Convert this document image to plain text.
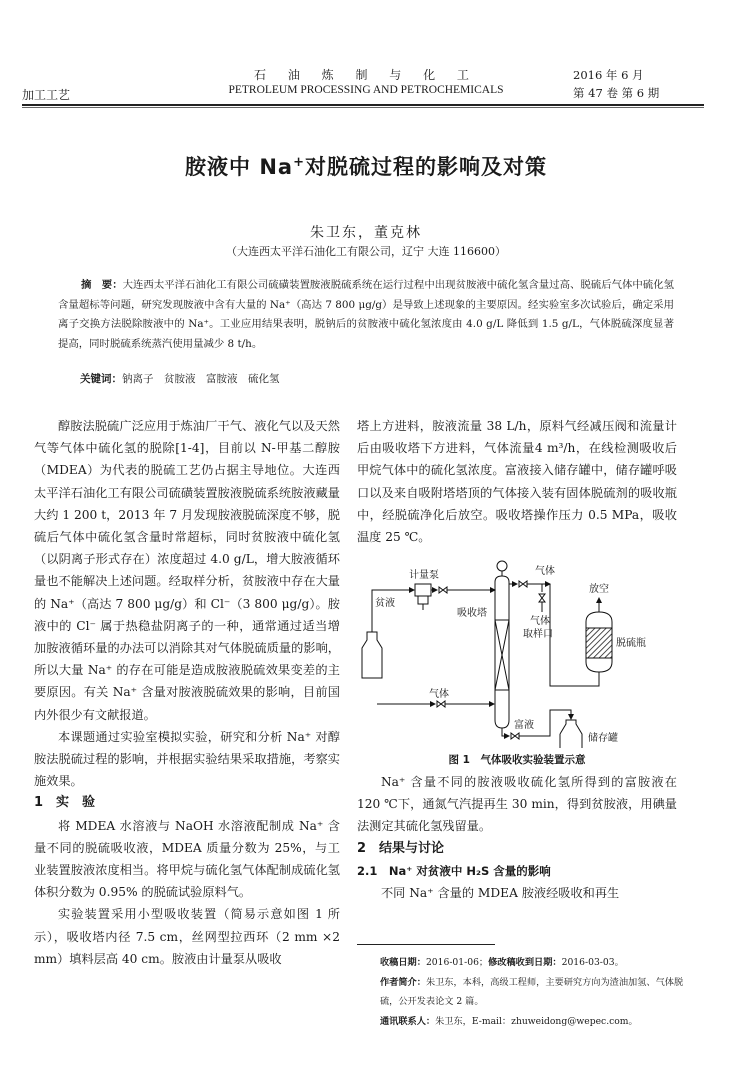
石 油 炼 制 与 化 工
PETROLEUM PROCESSING AND PETROCHEMICALS
加工工艺
2016 年 6 月
第 47 卷 第 6 期
胺液中 Na+对脱硫过程的影响及对策
朱卫东，董克林
（大连西太平洋石油化工有限公司，辽宁 大连 116600）
摘　要：大连西太平洋石油化工有限公司硫磺装置胺液脱硫系统在运行过程中出现贫胺液中硫化氢含量过高、脱硫后气体中硫化氢含量超标等问题，研究发现胺液中含有大量的 Na⁺（高达 7 800 μg/g）是导致上述现象的主要原因。经实验室多次试验后，确定采用离子交换方法脱除胺液中的 Na⁺。工业应用结果表明，脱钠后的贫胺液中硫化氢浓度由 4.0 g/L 降低到 1.5 g/L，气体脱硫深度显著提高，同时脱硫系统蒸汽使用量减少 8 t/h。
关键词：钠离子　贫胺液　富胺液　硫化氢

醇胺法脱硫广泛应用于炼油厂干气、液化气以及天然气等气体中硫化氢的脱除[1-4]，目前以 N-甲基二醇胺（MDEA）为代表的脱硫工艺仍占据主导地位。大连西太平洋石油化工有限公司硫磺装置胺液脱硫系统胺液藏量大约 1 200 t，2013 年 7 月发现胺液脱硫深度不够，脱硫后气体中硫化氢含量时常超标，同时贫胺液中硫化氢（以阴离子形式存在）浓度超过 4.0 g/L，增大胺液循环量也不能解决上述问题。经取样分析，贫胺液中存在大量的 Na⁺（高达 7 800 μg/g）和 Cl⁻（3 800 μg/g）。胺液中的 Cl⁻ 属于热稳盐阴离子的一种，通常通过适当增加胺液循环量的办法可以消除其对气体脱硫质量的影响，所以大量 Na⁺ 的存在可能是造成胺液脱硫效果变差的主要原因。有关 Na⁺ 含量对胺液脱硫效果的影响，目前国内外很少有文献报道。

本课题通过实验室模拟实验，研究和分析 Na⁺ 对醇胺法脱硫过程的影响，并根据实验结果采取措施，考察实施效果。

1　实　验

将 MDEA 水溶液与 NaOH 水溶液配制成 Na⁺ 含量不同的脱硫吸收液，MDEA 质量分数为 25%，与工业装置胺液浓度相当。将甲烷与硫化氢气体配制成硫化氢体积分数为 0.95% 的脱硫试验原料气。

实验装置采用小型吸收装置（简易示意如图 1 所示），吸收塔内径 7.5 cm，丝网型拉西环（2 mm ×2 mm）填料层高 40 cm。胺液由计量泵从吸收

塔上方进料，胺液流量 38 L/h，原料气经减压阀和流量计后由吸收塔下方进料，气体流量4 m³/h，在线检测吸收后甲烷气体中的硫化氢浓度。富液接入储存罐中，储存罐呼吸口以及来自吸附塔塔顶的气体接入装有固体脱硫剂的吸收瓶中，经脱硫净化后放空。吸收塔操作压力 0.5 MPa，吸收温度 25 ℃。

计量泵
贫液
吸收塔
气体
气体
取样口
放空
脱硫瓶
气体
富液
储存罐
图 1　气体吸收实验装置示意

Na⁺ 含量不同的胺液吸收硫化氢所得到的富胺液在 120 ℃下，通氮气汽提再生 30 min，得到贫胺液，用碘量法测定其硫化氢残留量。

2　结果与讨论

2.1　Na⁺ 对贫液中 H₂S 含量的影响

不同 Na⁺ 含量的 MDEA 胺液经吸收和再生

收稿日期：2016-01-06；修改稿收到日期：2016-03-03。
作者简介：朱卫东，本科，高级工程师，主要研究方向为渣油加氢、气体脱硫，公开发表论文 2 篇。
通讯联系人：朱卫东，E-mail：zhuweidong@wepec.com。
